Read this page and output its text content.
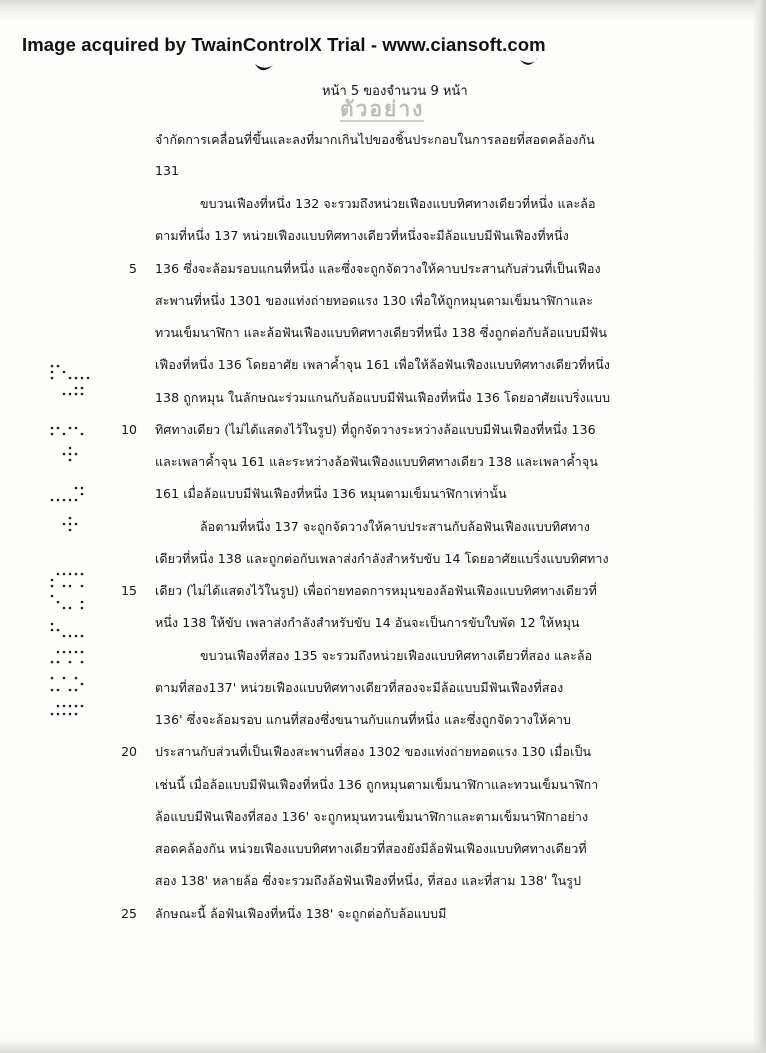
Image acquired by TwainControlX Trial - www.ciansoft.com
หน้า 5 ของจำนวน 9 หน้า
ตัวอย่าง
จำกัดการเคลื่อนที่ขึ้นและลงที่มากเกินไปของชิ้นประกอบในการลอยที่สอดคล้องกัน
131
ขบวนเฟืองที่หนึ่ง 132 จะรวมถึงหน่วยเฟืองแบบทิศทางเดียวที่หนึ่ง และล้อ
ตามที่หนึ่ง 137 หน่วยเฟืองแบบทิศทางเดียวที่หนึ่งจะมีล้อแบบมีฟันเฟืองที่หนึ่ง
136 ซึ่งจะล้อมรอบแกนที่หนึ่ง และซึ่งจะถูกจัดวางให้คาบประสานกับส่วนที่เป็นเฟือง
สะพานที่หนึ่ง 1301 ของแท่งถ่ายทอดแรง 130 เพื่อให้ถูกหมุนตามเข็มนาฬิกาและ
ทวนเข็มนาฬิกา และล้อฟันเฟืองแบบทิศทางเดียวที่หนึ่ง 138 ซึ่งถูกต่อกับล้อแบบมีฟัน
เฟืองที่หนึ่ง 136 โดยอาศัย เพลาค้ำจุน 161 เพื่อให้ล้อฟันเฟืองแบบทิศทางเดียวที่หนึ่ง
138 ถูกหมุน ในลักษณะร่วมแกนกับล้อแบบมีฟันเฟืองที่หนึ่ง 136 โดยอาศัยแบริ่งแบบ
ทิศทางเดียว (ไม่ได้แสดงไว้ในรูป) ที่ถูกจัดวางระหว่างล้อแบบมีฟันเฟืองที่หนึ่ง 136
และเพลาค้ำจุน 161 และระหว่างล้อฟันเฟืองแบบทิศทางเดียว 138 และเพลาค้ำจุน
161 เมื่อล้อแบบมีฟันเฟืองที่หนึ่ง 136 หมุนตามเข็มนาฬิกาเท่านั้น
ล้อตามที่หนึ่ง 137 จะถูกจัดวางให้คาบประสานกับล้อฟันเฟืองแบบทิศทาง
เดียวที่หนึ่ง 138 และถูกต่อกับเพลาส่งกำลังสำหรับขับ 14 โดยอาศัยแบริ่งแบบทิศทาง
เดียว (ไม่ได้แสดงไว้ในรูป) เพื่อถ่ายทอดการหมุนของล้อฟันเฟืองแบบทิศทางเดียวที่
หนึ่ง 138 ให้ขับ เพลาส่งกำลังสำหรับขับ 14 อันจะเป็นการขับใบพัด 12 ให้หมุน
ขบวนเฟืองที่สอง 135 จะรวมถึงหน่วยเฟืองแบบทิศทางเดียวที่สอง และล้อ
ตามที่สอง137' หน่วยเฟืองแบบทิศทางเดียวที่สองจะมีล้อแบบมีฟันเฟืองที่สอง
136' ซึ่งจะล้อมรอบ แกนที่สองซึ่งขนานกับแกนที่หนึ่ง และซึ่งถูกจัดวางให้คาบ
ประสานกับส่วนที่เป็นเฟืองสะพานที่สอง 1302 ของแท่งถ่ายทอดแรง 130 เมื่อเป็น
เช่นนี้ เมื่อล้อแบบมีฟันเฟืองที่หนึ่ง 136 ถูกหมุนตามเข็มนาฬิกาและทวนเข็มนาฬิกา
ล้อแบบมีฟันเฟืองที่สอง 136' จะถูกหมุนทวนเข็มนาฬิกาและตามเข็มนาฬิกาอย่าง
สอดคล้องกัน หน่วยเฟืองแบบทิศทางเดียวที่สองยังมีล้อฟันเฟืองแบบทิศทางเดียวที่
สอง 138' หลายล้อ ซึ่งจะรวมถึงล้อฟันเฟืองที่หนึ่ง, ที่สอง และที่สาม 138' ในรูป
ลักษณะนี้ ล้อฟันเฟืองที่หนึ่ง 138' จะถูกต่อกับล้อแบบมี
5
10
15
20
25
